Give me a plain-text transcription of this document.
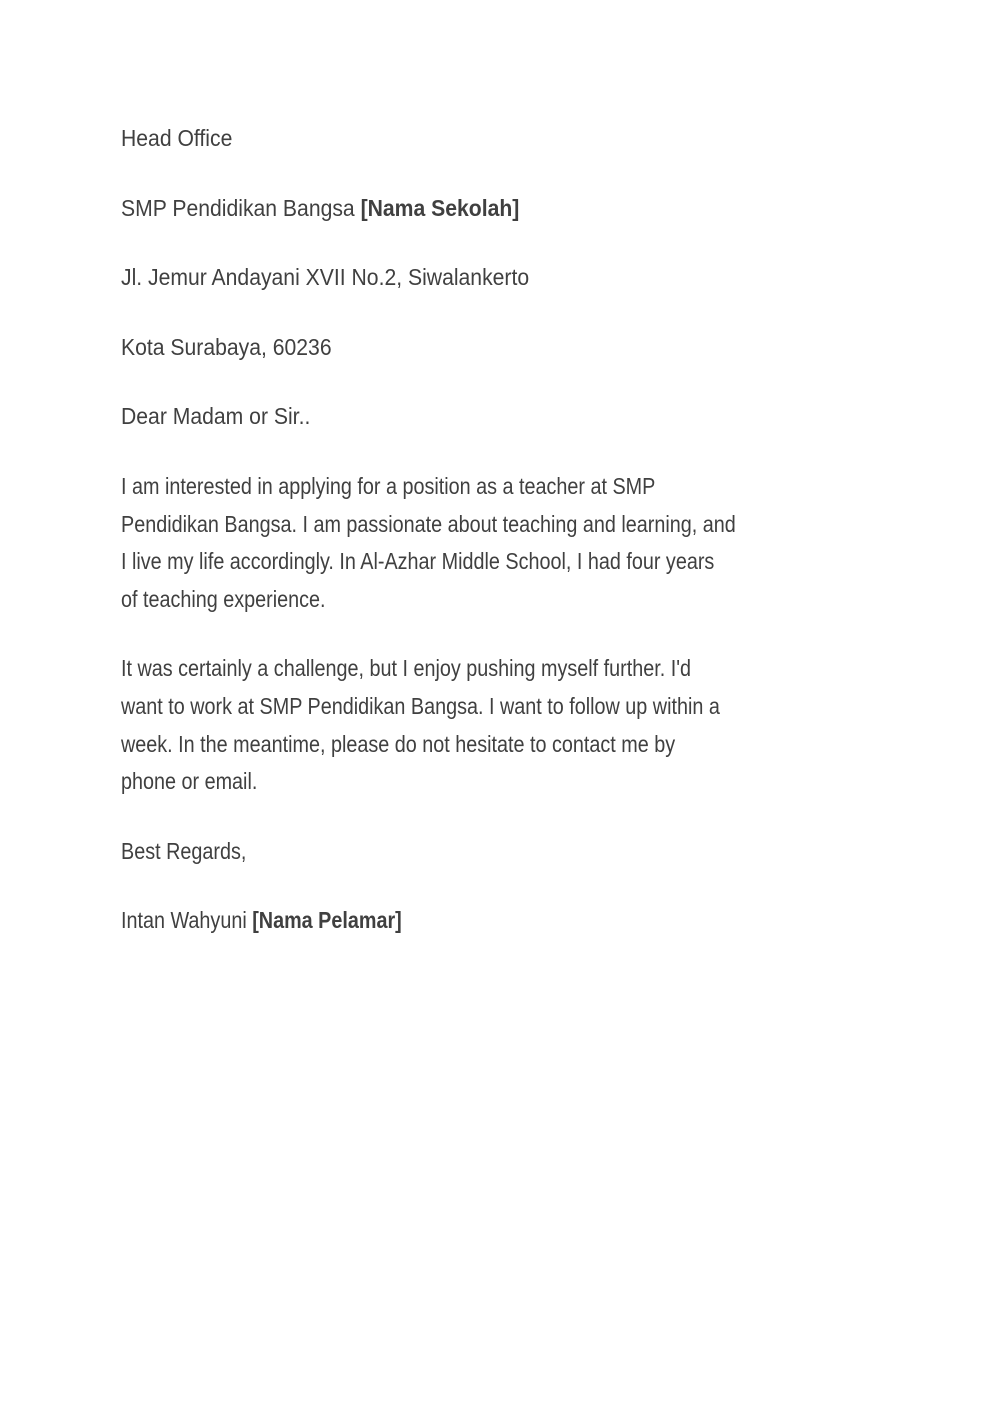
Head Office
SMP Pendidikan Bangsa [Nama Sekolah]
Jl. Jemur Andayani XVII No.2, Siwalankerto
Kota Surabaya, 60236
Dear Madam or Sir..
I am interested in applying for a position as a teacher at SMP
Pendidikan Bangsa. I am passionate about teaching and learning, and
I live my life accordingly. In Al-Azhar Middle School, I had four years
of teaching experience.
It was certainly a challenge, but I enjoy pushing myself further. I'd
want to work at SMP Pendidikan Bangsa. I want to follow up within a
week. In the meantime, please do not hesitate to contact me by
phone or email.
Best Regards,
Intan Wahyuni [Nama Pelamar]
